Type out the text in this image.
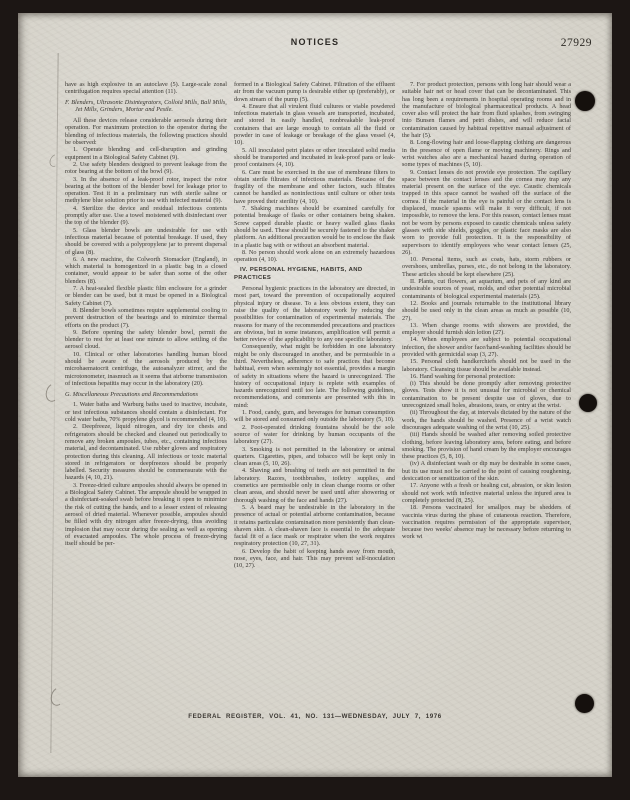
NOTICES	27929

have as high explosive in an autoclave (5). Large-scale zonal centrifugation requires special attention (11).

F. Blenders, Ultrasonic Disintegrators, Colloid Mills, Ball Mills, Jet Mills, Grinders, Mortar and Pestle.

All these devices release considerable aerosols during their operation. For maximum protection to the operator during the blending of infectious materials, the following practices should be observed:

1. Operate blending and cell-disruption and grinding equipment in a Biological Safety Cabinet (9).

2. Use safety blenders designed to prevent leakage from the rotor bearing at the bottom of the bowl (9).

3. In the absence of a leak-proof rotor, inspect the rotor bearing at the bottom of the blender bowl for leakage prior to operation. Test it in a preliminary run with sterile saline or methylene blue solution prior to use with infected material (9).

4. Sterilize the device and residual infectious contents promptly after use. Use a towel moistened with disinfectant over the top of the blender (9).

5. Glass blender bowls are undesirable for use with infectious material because of potential breakage. If used, they should be covered with a polypropylene jar to prevent dispersal of glass (8).

6. A new machine, the Colworth Stomacker (England), in which material is homogenized in a plastic bag in a closed container, would appear to be safer than some of the other blenders (8).

7. A heat-sealed flexible plastic film enclosure for a grinder or blender can be used, but it must be opened in a Biological Safety Cabinet (7).

8. Blender bowls sometimes require supplemental cooling to prevent destruction of the bearings and to minimize thermal efforts on the product (7).

9. Before opening the safety blender bowl, permit the blender to rest for at least one minute to allow settling of the aerosol cloud.

10. Clinical or other laboratories handling human blood should be aware of the aerosols produced by the microhaematocrit centrifuge, the autoanalyzer stirrer, and the microtonometer, inasmuch as it seems that airborne transmission of infectious hepatitis may occur in the laboratory (20).

G. Miscellaneous Precautions and Recommendations

1. Water baths and Warburg baths used to inactive, incubate, or test infectious substances should contain a disinfectant. For cold water baths, 70% propylene glycol is recommended (4, 10).

2. Deepfreeze, liquid nitrogen, and dry ice chests and refrigerators should be checked and cleaned out periodically to remove any broken ampoules, tubes, etc., containing infectious material, and decontaminated. Use rubber gloves and respiratory protection during this cleaning. All infectious or toxic material stored in refrigerators or deepfreezes should be properly labelled. Security measures should be commensurate with the hazards (4, 10, 21).

3. Freeze-dried culture ampoules should always be opened in a Biological Safety Cabinet. The ampoule should be wrapped in a disinfectant-soaked swab before breaking it open to minimize the risk of cutting the hands, and to a lesser extent of releasing aerosol of dried material. Whenever possible, ampoules should be filled with dry nitrogen after freeze-drying, thus avoiding implosion that may occur during the sealing as well as opening of evacuated ampoules. The whole process of freeze-drying itself should be per-

formed in a Biological Safety Cabinet. Filtration of the effluent air from the vacuum pump is desirable either up (preferably), or down stream of the pump (5).

4. Ensure that all virulent fluid cultures or viable powdered infectious materials in glass vessels are transported, incubated, and stored in easily handled, nonbreakable leak-proof containers that are large enough to contain all the fluid or powder in case of leakage or breakage of the glass vessel (4, 10).

5. All inoculated petri plates or other inoculated solid media should be transported and incubated in leak-proof pans or leak-proof containers (4, 10).

6. Care must be exercised in the use of membrane filters to obtain sterile filtrates of infectious materials. Because of the fragility of the membrane and other factors, such filtrates cannot be handled as noninfectious until culture or other tests have proved their sterility (4, 10).

7. Shaking machines should be examined carefully for potential breakage of flasks or other containers being shaken. Screw capped durable plastic or heavy walled glass flasks should be used. These should be securely fastened to the shaker platform. An additional precaution would be to enclose the flask in a plastic bag with or without an absorbent material.

8. No person should work alone on an extremely hazardous operation (4, 10).

IV. PERSONAL HYGIENE, HABITS, AND PRACTICES

Personal hygienic practices in the laboratory are directed, in most part, toward the prevention of occupationally acquired physical injury or disease. To a less obvious extent, they can raise the quality of the laboratory work by reducing the possibilities for contamination of experimental materials. The reasons for many of the recommended precautions and practices are obvious, but in some instances, amplification will permit a better review of the applicability to any one specific laboratory.

Consequently, what might be forbidden in one laboratory might be only discouraged in another, and be permissible in a third. Nevertheless, adherence to safe practices that become habitual, even when seemingly not essential, provides a margin of safety in situations where the hazard is unrecognized. The history of occupational injury is replete with examples of hazards unrecognized until too late. The following guidelines, recommendations, and comments are presented with this in mind:

1. Food, candy, gum, and beverages for human consumption will be stored and consumed only outside the laboratory (5, 10).

2. Foot-operated drinking fountains should be the sole source of water for drinking by human occupants of the laboratory (27).

3. Smoking is not permitted in the laboratory or animal quarters. Cigarettes, pipes, and tobacco will be kept only in clean areas (5, 10, 26).

4. Shaving and brushing of teeth are not permitted in the laboratory. Razors, toothbrushes, toiletry supplies, and cosmetics are permissible only in clean change rooms or other clean areas, and should never be used until after showering or thorough washing of the face and hands (27).

5. A beard may be undesirable in the laboratory in the presence of actual or potential airborne contamination, because it retains particulate contamination more persistently than clean-shaven skin. A clean-shaven face is essential to the adequate facial fit of a face mask or respirator when the work requires respiratory protection (10, 27, 31).

6. Develop the habit of keeping hands away from mouth, nose, eyes, face, and hair. This may prevent self-inoculation (10, 27).

7. For product protection, persons with long hair should wear a suitable hair net or head cover that can be decontaminated. This has long been a requirements in hospital operating rooms and in the manufacture of biological pharmaceutical products. A head cover also will protect the hair from fluid splashes, from swinging into Bunsen flames and petri dishes, and will reduce facial contamination caused by habitual repetitive manual adjustment of the hair (5).

8. Long-flowing hair and loose-flapping clothing are dangerous in the presence of open flame or moving machinery. Rings and wrist watches also are a mechanical hazard during operation of some types of machines (5, 10).

9. Contact lenses do not provide eye protection. The capillary space between the contact lenses and the cornea may trap any material present on the surface of the eye. Caustic chemicals trapped in this space cannot be washed off the surface of the cornea. If the material in the eye is painful or the contact lens is displaced, muscle spasms will make it very difficult, if not impossible, to remove the lens. For this reason, contact lenses must not be worn by persons exposed to caustic chemicals unless safety glasses with side shields, goggles, or plastic face masks are also worn to provide full protection. It is the responsibility of supervisors to identify employees who wear contact lenses (25, 26).

10. Personal items, such as coats, hats, storm rubbers or overshoes, umbrellas, purses, etc., do not belong in the laboratory. These articles should be kept elsewhere (25).

II. Plants, cut flowers, an aquarium, and pets of any kind are undesirable sources of yeast, molds, and other potential microbial contaminants of biological experimental materials (25).

12. Books and journals returnable to the institutional library should be used only in the clean areas as much as possible (10, 27).

13. When change rooms with showers are provided, the employer should furnish skin lotion (27).

14. When employees are subject to potential occupational infection, the shower and/or face/hand-washing facilities should be provided with germicidal soap (3, 27).

15. Personal cloth handkerchiefs should not be used in the laboratory. Cleansing tissue should be available instead.

16. Hand washing for personal protection:

(i) This should be done promptly after removing protective gloves. Tests show it is not unusual for microbial or chemical contamination to be present despite use of gloves, due to unrecognized small holes, abrasions, tears, or entry at the wrist.

(ii) Throughout the day, at intervals dictated by the nature of the work, the hands should be washed. Presence of a wrist watch discourages adequate washing of the wrist (10, 25).

(iii) Hands should be washed after removing soiled protective clothing, before leaving laboratory area, before eating, and before smoking. The provision of hand cream by the employer encourages these practices (5, 8, 10).

(iv) A disinfectant wash or dip may be desirable in some cases, but its use must not be carried to the point of causing roughening, desiccation or sensitization of the skin.

17. Anyone with a fresh or healing cut, abrasion, or skin lesion should not work with infective material unless the injured area is completely protected (8, 25).

18. Persons vaccinated for smallpox may be shedders of vaccinia virus during the phase of cutaneous reaction. Therefore, vaccination requires permission of the appropriate supervisor, because two weeks' absence may be necessary before returning to work wi

FEDERAL REGISTER, VOL. 41, NO. 131—WEDNESDAY, JULY 7, 1976
